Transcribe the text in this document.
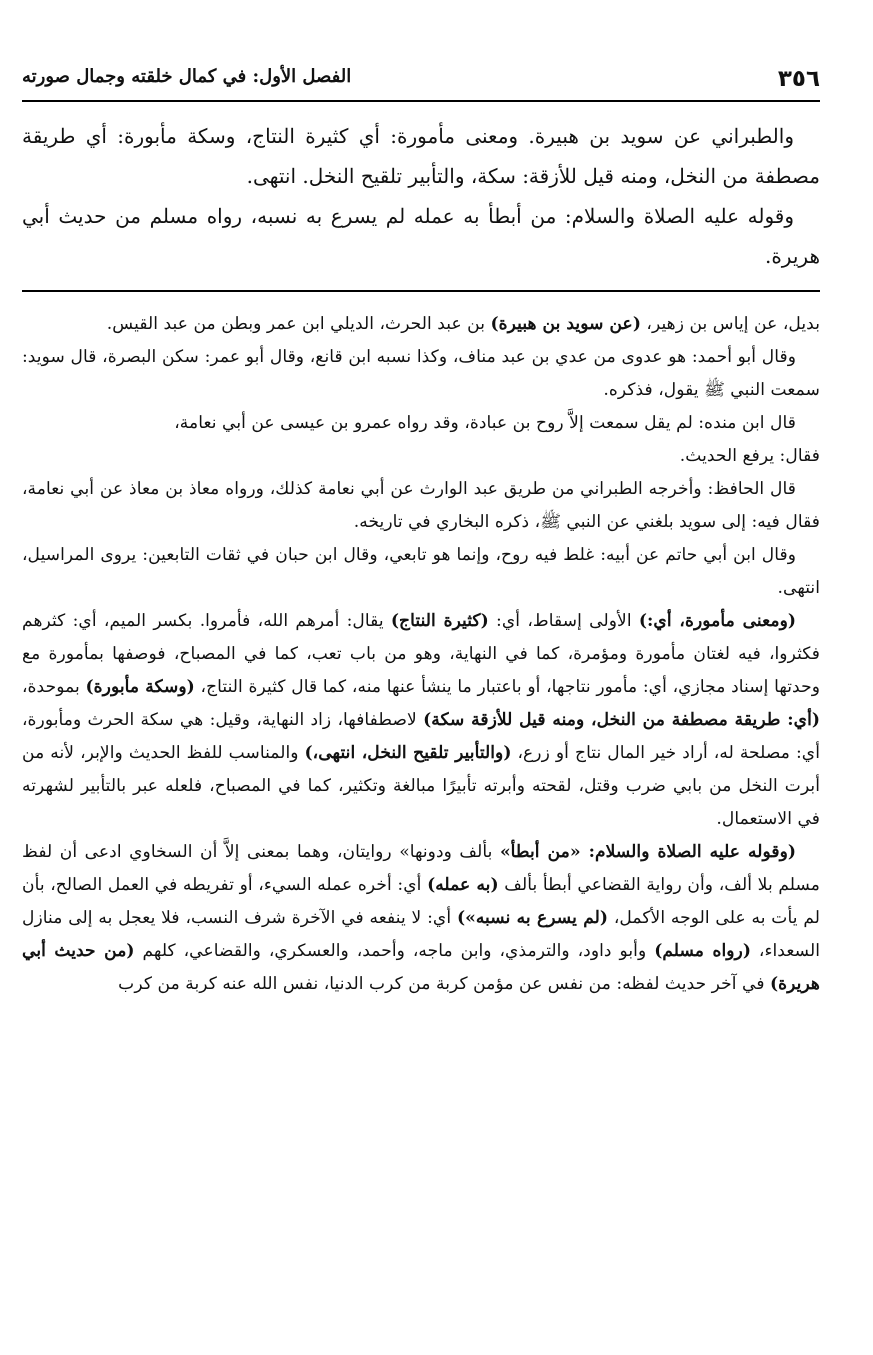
٣٥٦
الفصل الأول: في كمال خلقته وجمال صورته

والطبراني عن سويد بن هبيرة. ومعنى مأمورة: أي كثيرة النتاج، وسكة مأبورة: أي طريقة مصطفة من النخل، ومنه قيل للأزقة: سكة، والتأبير تلقيح النخل. انتهى.

وقوله عليه الصلاة والسلام: من أبطأ به عمله لم يسرع به نسبه، رواه مسلم من حديث أبي هريرة.

بديل، عن إياس بن زهير، (عن سويد بن هبيرة) بن عبد الحرث، الديلي ابن عمر وبطن من عبد القيس.

وقال أبو أحمد: هو عدوى من عدي بن عبد مناف، وكذا نسبه ابن قانع، وقال أبو عمر: سكن البصرة، قال سويد: سمعت النبي ﷺ يقول، فذكره.

قال ابن منده: لم يقل سمعت إلاَّ روح بن عبادة، وقد رواه عمرو بن عيسى عن أبي نعامة،

فقال: يرفع الحديث.

قال الحافظ: وأخرجه الطبراني من طريق عبد الوارث عن أبي نعامة كذلك، ورواه معاذ بن معاذ عن أبي نعامة، فقال فيه: إلى سويد بلغني عن النبي ﷺ، ذكره البخاري في تاريخه.

وقال ابن أبي حاتم عن أبيه: غلط فيه روح، وإنما هو تابعي، وقال ابن حبان في ثقات التابعين: يروى المراسيل، انتهى.

(ومعنى مأمورة، أي:) الأولى إسقاط، أي: (كثيرة النتاج) يقال: أمرهم الله، فأمروا. بكسر الميم، أي: كثرهم فكثروا، فيه لغتان مأمورة ومؤمرة، كما في النهاية، وهو من باب تعب، كما في المصباح، فوصفها بمأمورة مع وحدتها إسناد مجازي، أي: مأمور نتاجها، أو باعتبار ما ينشأ عنها منه، كما قال كثيرة النتاج، (وسكة مأبورة) بموحدة، (أي: طريقة مصطفة من النخل، ومنه قيل للأزقة سكة) لاصطفافها، زاد النهاية، وقيل: هي سكة الحرث ومأبورة، أي: مصلحة له، أراد خير المال نتاج أو زرع، (والتأبير تلقيح النخل، انتهى،) والمناسب للفظ الحديث والإبر، لأنه من أبرت النخل من بابي ضرب وقتل، لقحته وأبرته تأبيرًا مبالغة وتكثير، كما في المصباح، فلعله عبر بالتأبير لشهرته في الاستعمال.

(وقوله عليه الصلاة والسلام: «من أبطأ» بألف ودونها» روايتان، وهما بمعنى إلاَّ أن السخاوي ادعى أن لفظ مسلم بلا ألف، وأن رواية القضاعي أبطأ بألف (به عمله) أي: أخره عمله السيء، أو تفريطه في العمل الصالح، بأن لم يأت به على الوجه الأكمل، (لم يسرع به نسبه») أي: لا ينفعه في الآخرة شرف النسب، فلا يعجل به إلى منازل السعداء، (رواه مسلم) وأبو داود، والترمذي، وابن ماجه، وأحمد، والعسكري، والقضاعي، كلهم (من حديث أبي هريرة) في آخر حديث لفظه: من نفس عن مؤمن كربة من كرب الدنيا، نفس الله عنه كربة من كرب
